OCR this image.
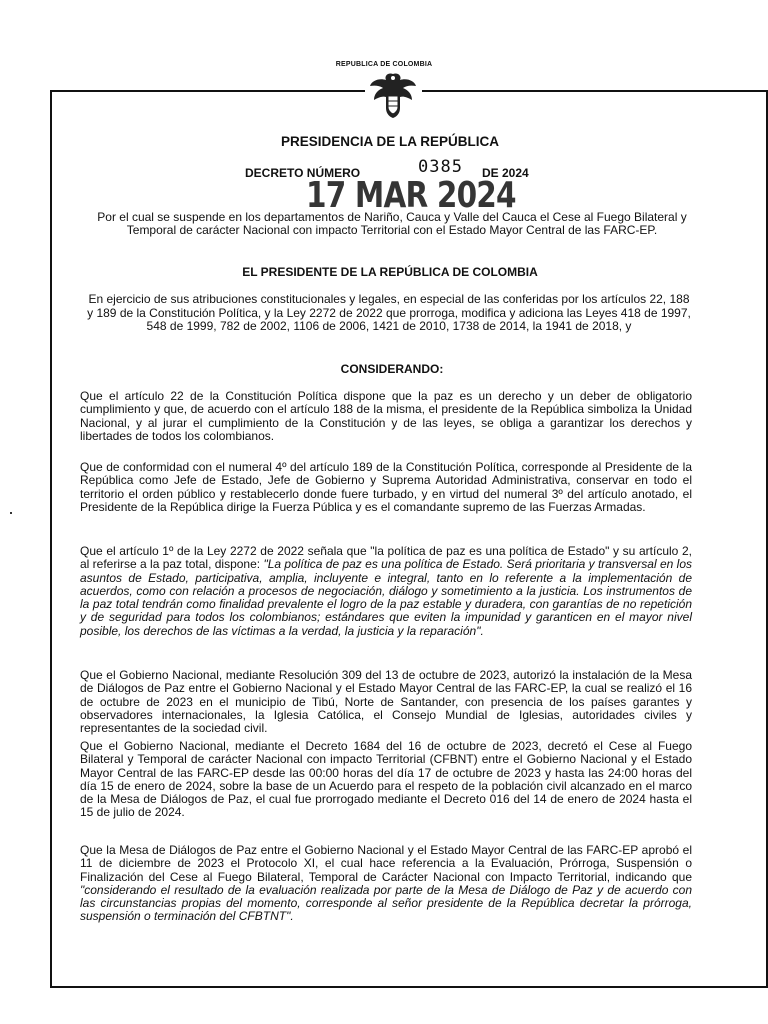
REPUBLICA DE COLOMBIA
PRESIDENCIA DE LA REPÚBLICA
DECRETO NÚMERO	0385 DE 2024
17 MAR 2024
Por el cual se suspende en los departamentos de Nariño, Cauca y Valle del Cauca el Cese al Fuego Bilateral y Temporal de carácter Nacional con impacto Territorial con el Estado Mayor Central de las FARC-EP.
EL PRESIDENTE DE LA REPÚBLICA DE COLOMBIA
En ejercicio de sus atribuciones constitucionales y legales, en especial de las conferidas por los artículos 22, 188 y 189 de la Constitución Política, y la Ley 2272 de 2022 que prorroga, modifica y adiciona las Leyes 418 de 1997, 548 de 1999, 782 de 2002, 1106 de 2006, 1421 de 2010, 1738 de 2014, la 1941 de 2018, y
CONSIDERANDO:
Que el artículo 22 de la Constitución Política dispone que la paz es un derecho y un deber de obligatorio cumplimiento y que, de acuerdo con el artículo 188 de la misma, el presidente de la República simboliza la Unidad Nacional, y al jurar el cumplimiento de la Constitución y de las leyes, se obliga a garantizar los derechos y libertades de todos los colombianos.
Que de conformidad con el numeral 4º del artículo 189 de la Constitución Política, corresponde al Presidente de la República como Jefe de Estado, Jefe de Gobierno y Suprema Autoridad Administrativa, conservar en todo el territorio el orden público y restablecerlo donde fuere turbado, y en virtud del numeral 3º del artículo anotado, el Presidente de la República dirige la Fuerza Pública y es el comandante supremo de las Fuerzas Armadas.
Que el artículo 1º de la Ley 2272 de 2022 señala que "la política de paz es una política de Estado" y su artículo 2, al referirse a la paz total, dispone: "La política de paz es una política de Estado. Será prioritaria y transversal en los asuntos de Estado, participativa, amplia, incluyente e integral, tanto en lo referente a la implementación de acuerdos, como con relación a procesos de negociación, diálogo y sometimiento a la justicia. Los instrumentos de la paz total tendrán como finalidad prevalente el logro de la paz estable y duradera, con garantías de no repetición y de seguridad para todos los colombianos; estándares que eviten la impunidad y garanticen en el mayor nivel posible, los derechos de las víctimas a la verdad, la justicia y la reparación".
Que el Gobierno Nacional, mediante Resolución 309 del 13 de octubre de 2023, autorizó la instalación de la Mesa de Diálogos de Paz entre el Gobierno Nacional y el Estado Mayor Central de las FARC-EP, la cual se realizó el 16 de octubre de 2023 en el municipio de Tibú, Norte de Santander, con presencia de los países garantes y observadores internacionales, la Iglesia Católica, el Consejo Mundial de Iglesias, autoridades civiles y representantes de la sociedad civil.
Que el Gobierno Nacional, mediante el Decreto 1684 del 16 de octubre de 2023, decretó el Cese al Fuego Bilateral y Temporal de carácter Nacional con impacto Territorial (CFBNT) entre el Gobierno Nacional y el Estado Mayor Central de las FARC-EP desde las 00:00 horas del día 17 de octubre de 2023 y hasta las 24:00 horas del día 15 de enero de 2024, sobre la base de un Acuerdo para el respeto de la población civil alcanzado en el marco de la Mesa de Diálogos de Paz, el cual fue prorrogado mediante el Decreto 016 del 14 de enero de 2024 hasta el 15 de julio de 2024.
Que la Mesa de Diálogos de Paz entre el Gobierno Nacional y el Estado Mayor Central de las FARC-EP aprobó el 11 de diciembre de 2023 el Protocolo XI, el cual hace referencia a la Evaluación, Prórroga, Suspensión o Finalización del Cese al Fuego Bilateral, Temporal de Carácter Nacional con Impacto Territorial, indicando que "considerando el resultado de la evaluación realizada por parte de la Mesa de Diálogo de Paz y de acuerdo con las circunstancias propias del momento, corresponde al señor presidente de la República decretar la prórroga, suspensión o terminación del CFBTNT".
